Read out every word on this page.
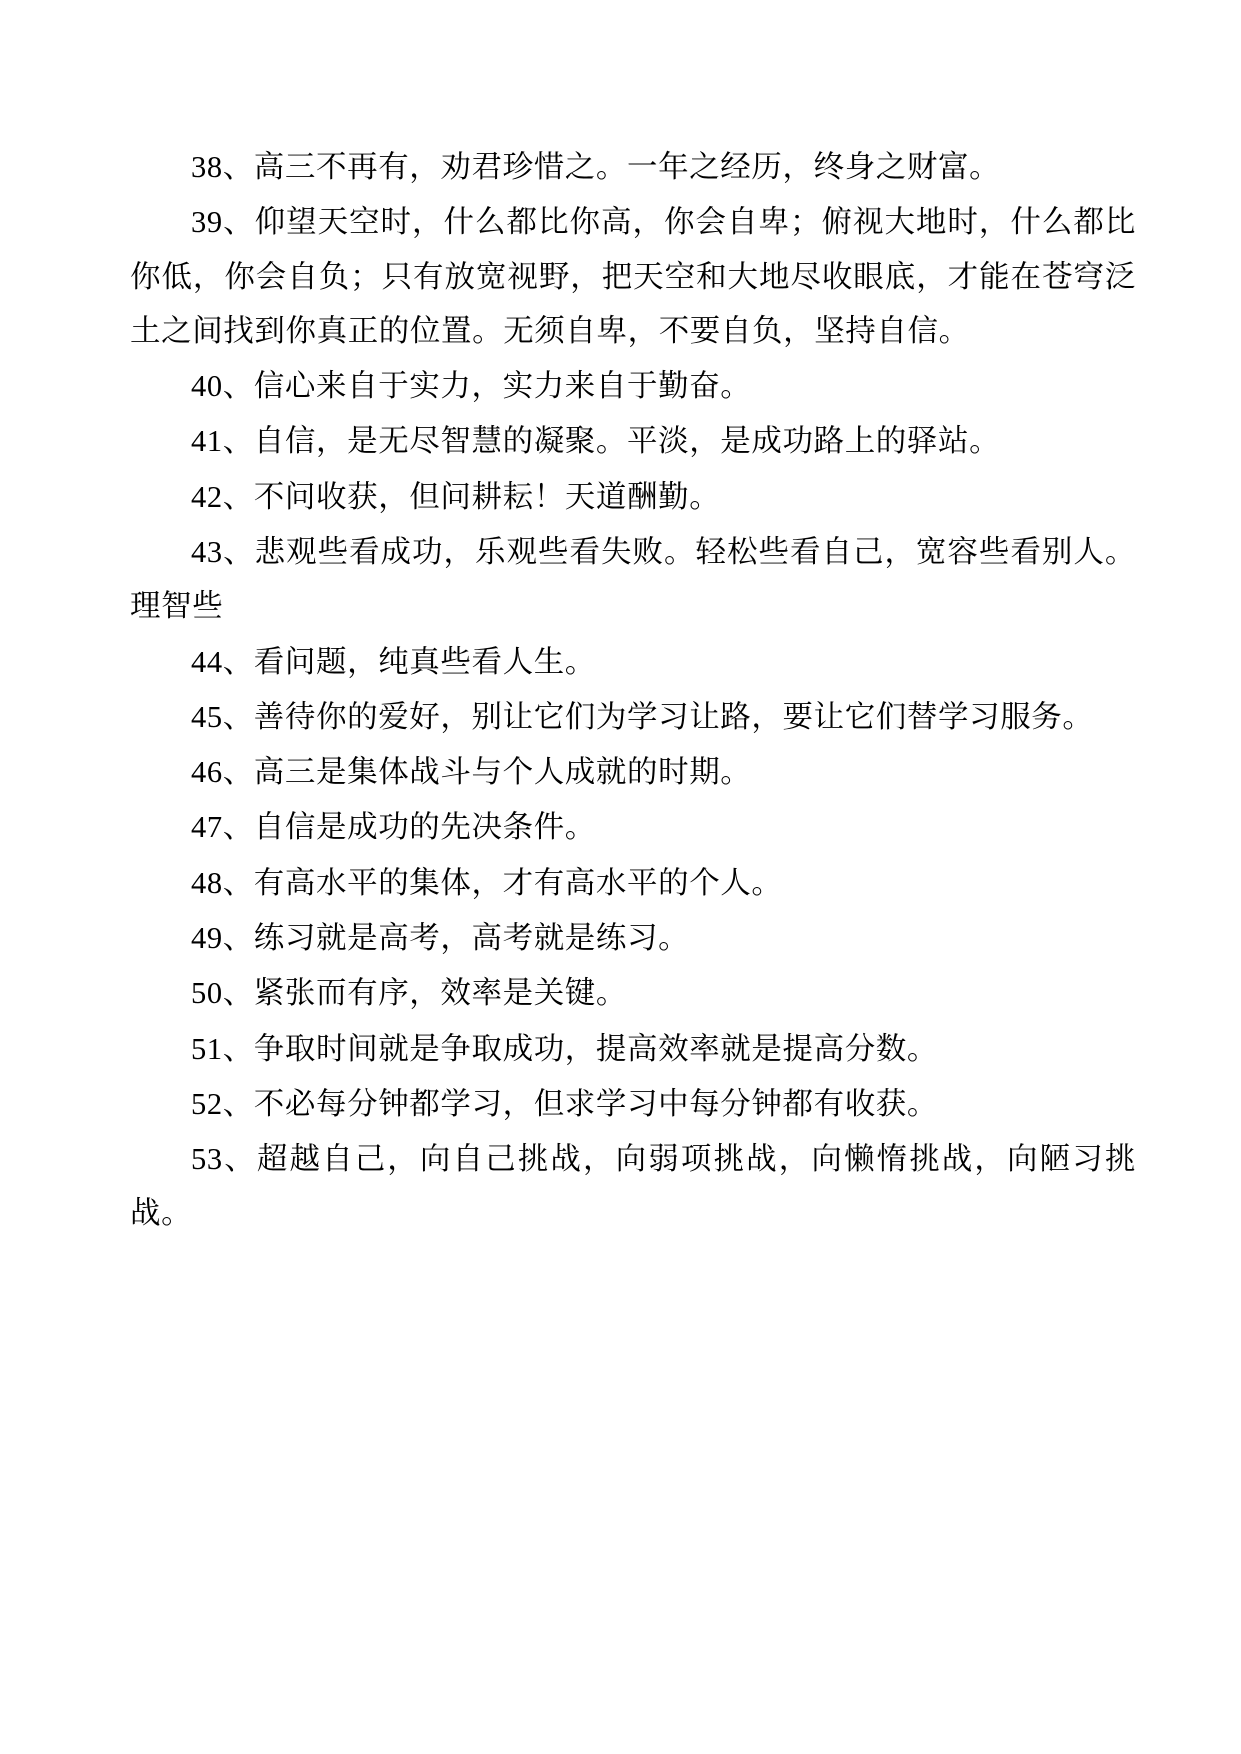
38、高三不再有，劝君珍惜之。一年之经历，终身之财富。

39、仰望天空时，什么都比你高，你会自卑；俯视大地时，什么都比你低，你会自负；只有放宽视野，把天空和大地尽收眼底，才能在苍穹泛土之间找到你真正的位置。无须自卑，不要自负，坚持自信。

40、信心来自于实力，实力来自于勤奋。

41、自信，是无尽智慧的凝聚。平淡，是成功路上的驿站。

42、不问收获，但问耕耘！天道酬勤。

43、悲观些看成功，乐观些看失败。轻松些看自己，宽容些看别人。理智些

44、看问题，纯真些看人生。

45、善待你的爱好，别让它们为学习让路，要让它们替学习服务。

46、高三是集体战斗与个人成就的时期。

47、自信是成功的先决条件。

48、有高水平的集体，才有高水平的个人。

49、练习就是高考，高考就是练习。

50、紧张而有序，效率是关键。

51、争取时间就是争取成功，提高效率就是提高分数。

52、不必每分钟都学习，但求学习中每分钟都有收获。

53、超越自己，向自己挑战，向弱项挑战，向懒惰挑战，向陋习挑战。
